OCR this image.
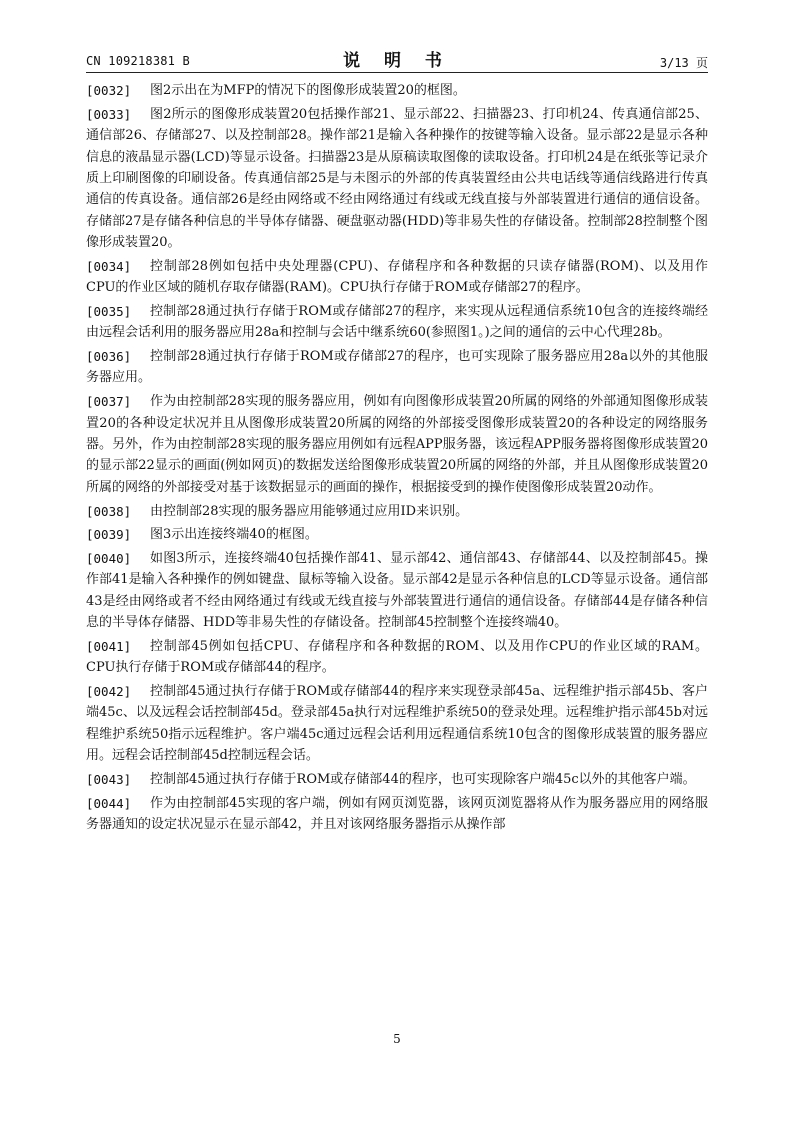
CN 109218381 B	说 明 书	3/13 页

[0032] 图2示出在为MFP的情况下的图像形成装置20的框图。

[0033] 图2所示的图像形成装置20包括操作部21、显示部22、扫描器23、打印机24、传真通信部25、通信部26、存储部27、以及控制部28。操作部21是输入各种操作的按键等输入设备。显示部22是显示各种信息的液晶显示器(LCD)等显示设备。扫描器23是从原稿读取图像的读取设备。打印机24是在纸张等记录介质上印刷图像的印刷设备。传真通信部25是与未图示的外部的传真装置经由公共电话线等通信线路进行传真通信的传真设备。通信部26是经由网络或不经由网络通过有线或无线直接与外部装置进行通信的通信设备。存储部27是存储各种信息的半导体存储器、硬盘驱动器(HDD)等非易失性的存储设备。控制部28控制整个图像形成装置20。

[0034] 控制部28例如包括中央处理器(CPU)、存储程序和各种数据的只读存储器(ROM)、以及用作CPU的作业区域的随机存取存储器(RAM)。CPU执行存储于ROM或存储部27的程序。

[0035] 控制部28通过执行存储于ROM或存储部27的程序，来实现从远程通信系统10包含的连接终端经由远程会话利用的服务器应用28a和控制与会话中继系统60(参照图1。)之间的通信的云中心代理28b。

[0036] 控制部28通过执行存储于ROM或存储部27的程序，也可实现除了服务器应用28a以外的其他服务器应用。

[0037] 作为由控制部28实现的服务器应用，例如有向图像形成装置20所属的网络的外部通知图像形成装置20的各种设定状况并且从图像形成装置20所属的网络的外部接受图像形成装置20的各种设定的网络服务器。另外，作为由控制部28实现的服务器应用例如有远程APP服务器，该远程APP服务器将图像形成装置20的显示部22显示的画面(例如网页)的数据发送给图像形成装置20所属的网络的外部，并且从图像形成装置20所属的网络的外部接受对基于该数据显示的画面的操作，根据接受到的操作使图像形成装置20动作。

[0038] 由控制部28实现的服务器应用能够通过应用ID来识别。

[0039] 图3示出连接终端40的框图。

[0040] 如图3所示，连接终端40包括操作部41、显示部42、通信部43、存储部44、以及控制部45。操作部41是输入各种操作的例如键盘、鼠标等输入设备。显示部42是显示各种信息的LCD等显示设备。通信部43是经由网络或者不经由网络通过有线或无线直接与外部装置进行通信的通信设备。存储部44是存储各种信息的半导体存储器、HDD等非易失性的存储设备。控制部45控制整个连接终端40。

[0041] 控制部45例如包括CPU、存储程序和各种数据的ROM、以及用作CPU的作业区域的RAM。CPU执行存储于ROM或存储部44的程序。

[0042] 控制部45通过执行存储于ROM或存储部44的程序来实现登录部45a、远程维护指示部45b、客户端45c、以及远程会话控制部45d。登录部45a执行对远程维护系统50的登录处理。远程维护指示部45b对远程维护系统50指示远程维护。客户端45c通过远程会话利用远程通信系统10包含的图像形成装置的服务器应用。远程会话控制部45d控制远程会话。

[0043] 控制部45通过执行存储于ROM或存储部44的程序，也可实现除客户端45c以外的其他客户端。

[0044] 作为由控制部45实现的客户端，例如有网页浏览器，该网页浏览器将从作为服务器应用的网络服务器通知的设定状况显示在显示部42，并且对该网络服务器指示从操作部

5
